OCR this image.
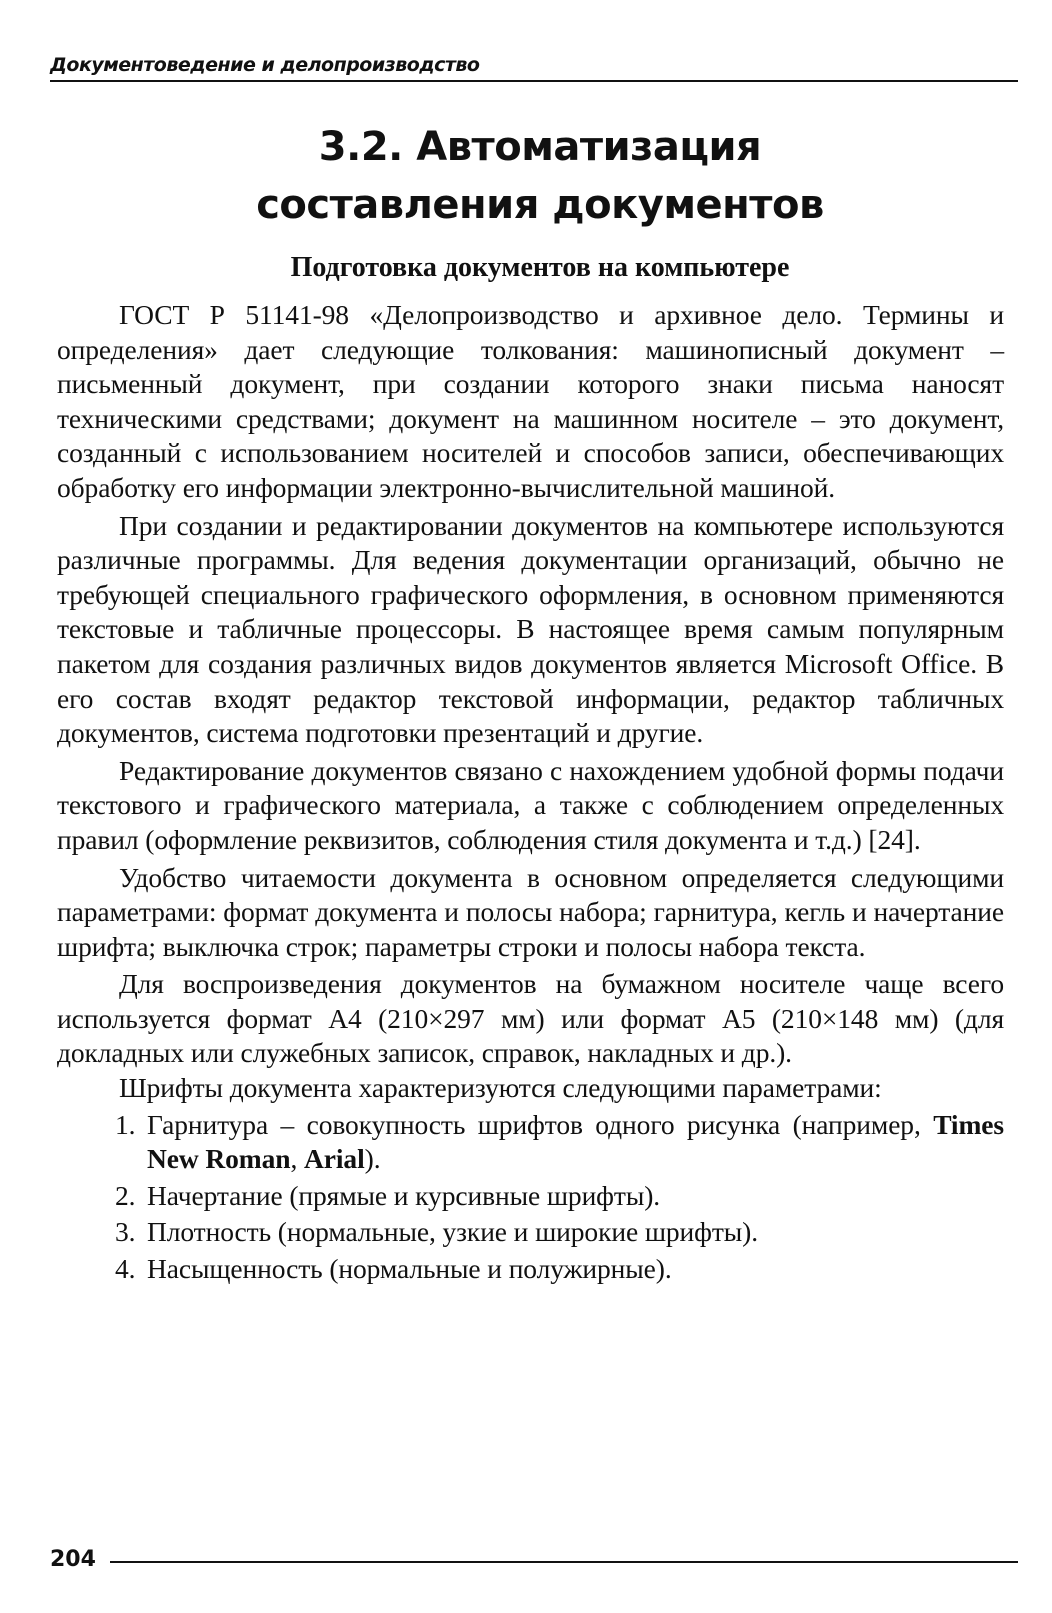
Документоведение и делопроизводство
3.2. Автоматизация
составления документов
Подготовка документов на компьютере

ГОСТ Р 51141-98 «Делопроизводство и архивное дело. Термины и определения» дает следующие толкования: машинописный документ – письменный документ, при создании которого знаки письма наносят техническими средствами; документ на машинном носителе – это документ, созданный с использованием носителей и способов записи, обеспечивающих обработку его информации электронно-вычислительной машиной.

При создании и редактировании документов на компьютере используются различные программы. Для ведения документации организаций, обычно не требующей специального графического оформления, в основном применяются текстовые и табличные процессоры. В настоящее время самым популярным пакетом для создания различных видов документов является Microsoft Office. В его состав входят редактор текстовой информации, редактор табличных документов, система подготовки презентаций и другие.

Редактирование документов связано с нахождением удобной формы подачи текстового и графического материала, а также с соблюдением определенных правил (оформление реквизитов, соблюдения стиля документа и т.д.) [24].

Удобство читаемости документа в основном определяется следующими параметрами: формат документа и полосы набора; гарнитура, кегль и начертание шрифта; выключка строк; параметры строки и полосы набора текста.

Для воспроизведения документов на бумажном носителе чаще всего используется формат А4 (210×297 мм) или формат А5 (210×148 мм) (для докладных или служебных записок, справок, накладных и др.).

Шрифты документа характеризуются следующими параметрами:

1. Гарнитура – совокупность шрифтов одного рисунка (например, Times New Roman, Arial).
2. Начертание (прямые и курсивные шрифты).
3. Плотность (нормальные, узкие и широкие шрифты).
4. Насыщенность (нормальные и полужирные).
204
